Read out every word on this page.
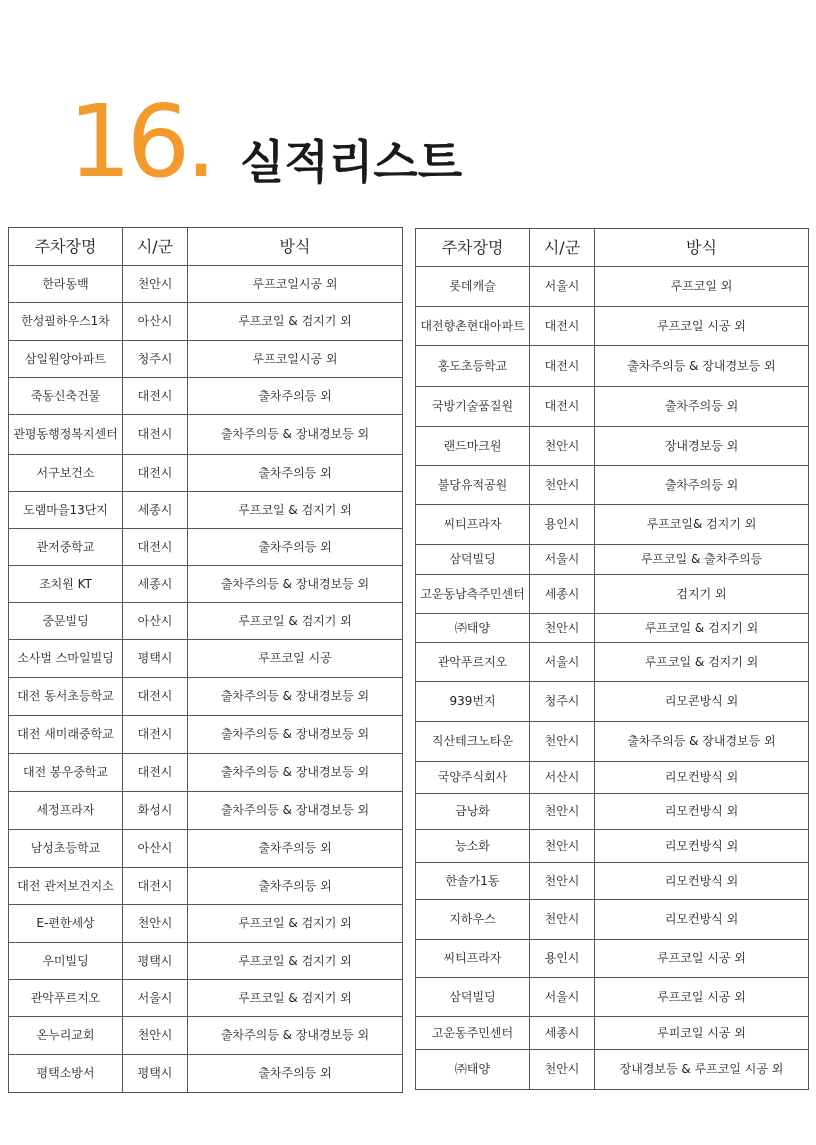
16. 실적리스트
주차장명	시/군	방식
한라동백	천안시	루프코일시공 외
한성필하우스1차	아산시	루프코일 & 검지기 외
삼일원앙아파트	청주시	루프코일시공 외
죽동신축건물	대전시	출차주의등 외
관평동행정복지센터	대전시	출차주의등 & 장내경보등 외
서구보건소	대전시	출차주의등 외
도램마을13단지	세종시	루프코일 & 검지기 외
관저중학교	대전시	출차주의등 외
조치원 KT	세종시	출차주의등 & 장내경보등 외
중문빌딩	아산시	루프코일 & 검지기 외
소사벌 스마일빌딩	평택시	루프코일 시공
대전 동서초등학교	대전시	출차주의등 & 장내경보등 외
대전 새미래중학교	대전시	출차주의등 & 장내경보등 외
대전 봉우중학교	대전시	출차주의등 & 장내경보등 외
세정프라자	화성시	출차주의등 & 장내경보등 외
남성초등학교	아산시	출차주의등 외
대전 관저보건지소	대전시	출차주의등 외
E-편한세상	천안시	루프코일 & 검지기 외
우미빌딩	평택시	루프코일 & 검지기 외
관악푸르지오	서울시	루프코일 & 검지기 외
온누리교회	천안시	출차주의등 & 장내경보등 외
평택소방서	평택시	출차주의등 외
주차장명	시/군	방식
롯데캐슬	서울시	루프코일 외
대전향촌현대아파트	대전시	루프코일 시공 외
홍도초등학교	대전시	출차주의등 & 장내경보등 외
국방기술품질원	대전시	출차주의등 외
랜드마크원	천안시	장내경보등 외
불당유적공원	천안시	출차주의등 외
씨티프라자	용인시	루프코일& 검지기 외
삼덕빌딩	서울시	루프코일 & 출차주의등
고운동남측주민센터	세종시	검지기 외
㈜태양	천안시	루프코일 & 검지기 외
관악푸르지오	서울시	루프코일 & 검지기 외
939번지	청주시	리모콘방식 외
직산테크노타운	천안시	출차주의등 & 장내경보등 외
국양주식회사	서산시	리모컨방식 외
금낭화	천안시	리모컨방식 외
능소화	천안시	리모컨방식 외
한솔가1동	천안시	리모컨방식 외
지하우스	천안시	리모컨방식 외
씨티프라자	용인시	루프코일 시공 외
삼덕빌딩	서울시	루프코일 시공 외
고운동주민센터	세종시	루피코일 시공 외
㈜태양	천안시	장내경보등 & 루프코일 시공 외
